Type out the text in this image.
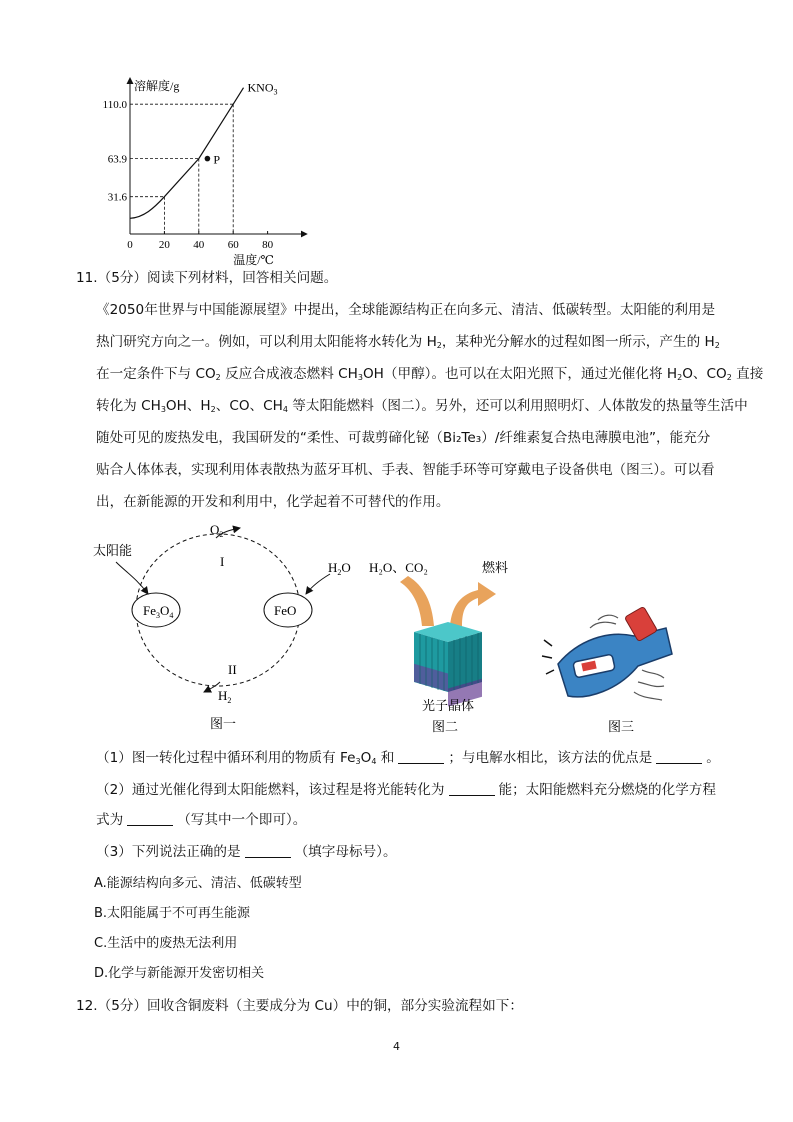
溶解度/g
温度/℃
0 20 40 60 80
31.6
63.9
110.0
$KNO_3$
P
11.（5分）阅读下列材料，回答相关问题。
《2050年世界与中国能源展望》中提出，全球能源结构正在向多元、清洁、低碳转型。太阳能的利用是
热门研究方向之一。例如，可以利用太阳能将水转化为 $H_2$，某种光分解水的过程如图一所示，产生的 $H_2$
在一定条件下与 $CO_2$ 反应合成液态燃料 $CH_3OH$（甲醇）。也可以在太阳光照下，通过光催化将 $H_2O$、$CO_2$ 直接
转化为 $CH_3OH$、$H_2$、CO、$CH_4$ 等太阳能燃料（图二）。另外，还可以利用照明灯、人体散发的热量等生活中
随处可见的废热发电，我国研发的“柔性、可裁剪碲化铋（Bi₂Te₃）/纤维素复合热电薄膜电池”，能充分
贴合人体体表，实现利用体表散热为蓝牙耳机、手表、智能手环等可穿戴电子设备供电（图三）。可以看
出，在新能源的开发和利用中，化学起着不可替代的作用。
$Fe_3O_4$	FeO
太阳能
$O_2$
I	$H_2O$
II
$H_2$
图一
H₂O、CO₂	燃料
光子晶体
图二	图三
（1）图一转化过程中循环利用的物质有 $Fe_3O_4$ 和	；与电解水相比，该方法的优点是	。
（2）通过光催化得到太阳能燃料，该过程是将光能转化为	能；太阳能燃料充分燃烧的化学方程
式为	（写其中一个即可）。
（3）下列说法正确的是	（填字母标号）。
A.能源结构向多元、清洁、低碳转型
B.太阳能属于不可再生能源
C.生活中的废热无法利用
D.化学与新能源开发密切相关
12.（5分）回收含铜废料（主要成分为 Cu）中的铜，部分实验流程如下：
4
